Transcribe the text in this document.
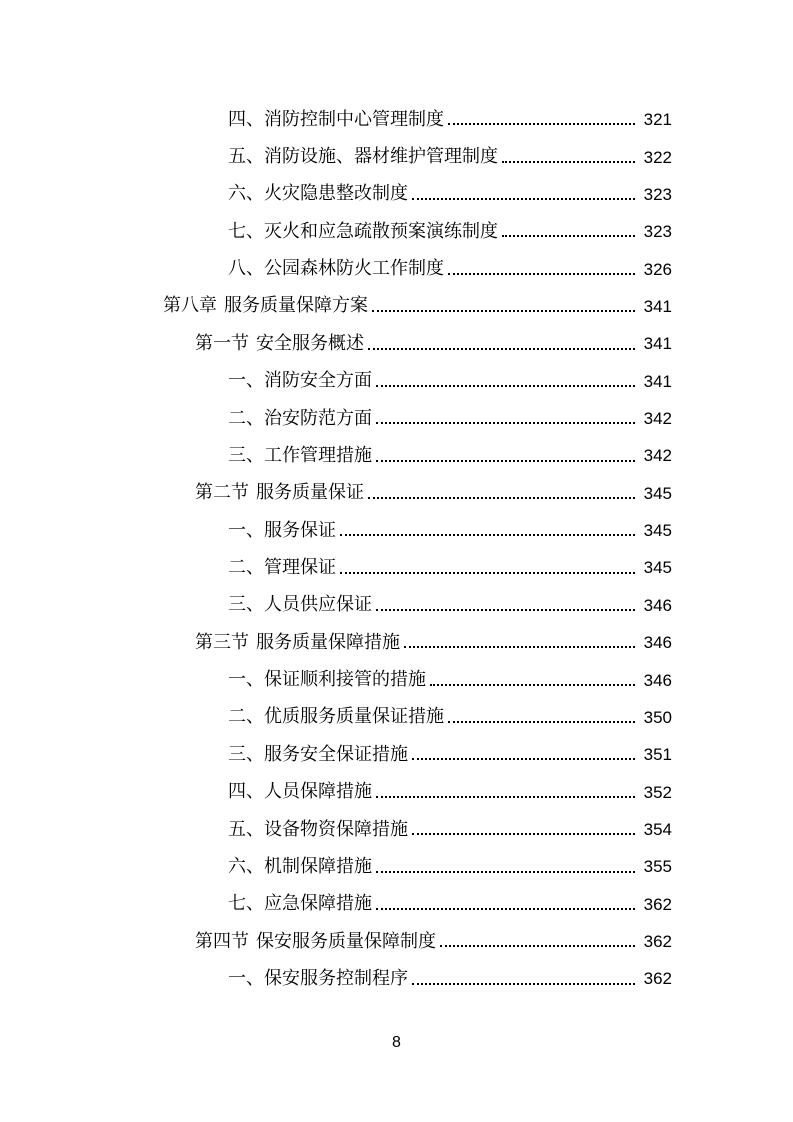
四、 消防控制中心管理制度	321
五、 消防设施、器材维护管理制度	322
六、 火灾隐患整改制度	323
七、 灭火和应急疏散预案演练制度	323
八、 公园森林防火工作制度	326
第八章 服务质量保障方案	341
第一节 安全服务概述	341
一、 消防安全方面	341
二、 治安防范方面	342
三、 工作管理措施	342
第二节 服务质量保证	345
一、 服务保证	345
二、 管理保证	345
三、 人员供应保证	346
第三节 服务质量保障措施	346
一、 保证顺利接管的措施	346
二、 优质服务质量保证措施	350
三、 服务安全保证措施	351
四、 人员保障措施	352
五、 设备物资保障措施	354
六、 机制保障措施	355
七、 应急保障措施	362
第四节 保安服务质量保障制度	362
一、 保安服务控制程序	362
8
